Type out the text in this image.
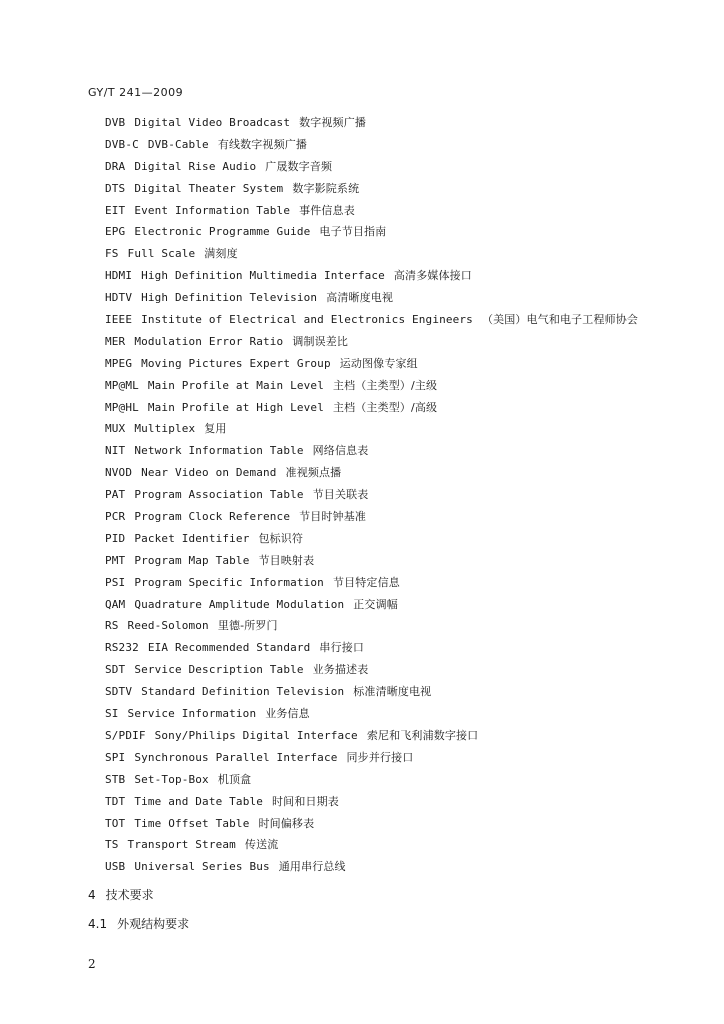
GY/T 241—2009
DVB Digital Video Broadcast 数字视频广播
DVB-C DVB-Cable 有线数字视频广播
DRA Digital Rise Audio 广晟数字音频
DTS Digital Theater System 数字影院系统
EIT Event Information Table 事件信息表
EPG Electronic Programme Guide 电子节目指南
FS Full Scale 满刻度
HDMI High Definition Multimedia Interface 高清多媒体接口
HDTV High Definition Television 高清晰度电视
IEEE Institute of Electrical and Electronics Engineers （美国）电气和电子工程师协会
MER Modulation Error Ratio 调制误差比
MPEG Moving Pictures Expert Group 运动图像专家组
MP@ML Main Profile at Main Level 主档（主类型）/主级
MP@HL Main Profile at High Level 主档（主类型）/高级
MUX Multiplex 复用
NIT Network Information Table 网络信息表
NVOD Near Video on Demand 准视频点播
PAT Program Association Table 节目关联表
PCR Program Clock Reference 节目时钟基准
PID Packet Identifier 包标识符
PMT Program Map Table 节目映射表
PSI Program Specific Information 节目特定信息
QAM Quadrature Amplitude Modulation 正交调幅
RS Reed-Solomon 里德-所罗门
RS232 EIA Recommended Standard 串行接口
SDT Service Description Table 业务描述表
SDTV Standard Definition Television 标准清晰度电视
SI Service Information 业务信息
S/PDIF Sony/Philips Digital Interface 索尼和飞利浦数字接口
SPI Synchronous Parallel Interface 同步并行接口
STB Set-Top-Box 机顶盒
TDT Time and Date Table 时间和日期表
TOT Time Offset Table 时间偏移表
TS Transport Stream 传送流
USB Universal Series Bus 通用串行总线
4 技术要求
4.1 外观结构要求
2
